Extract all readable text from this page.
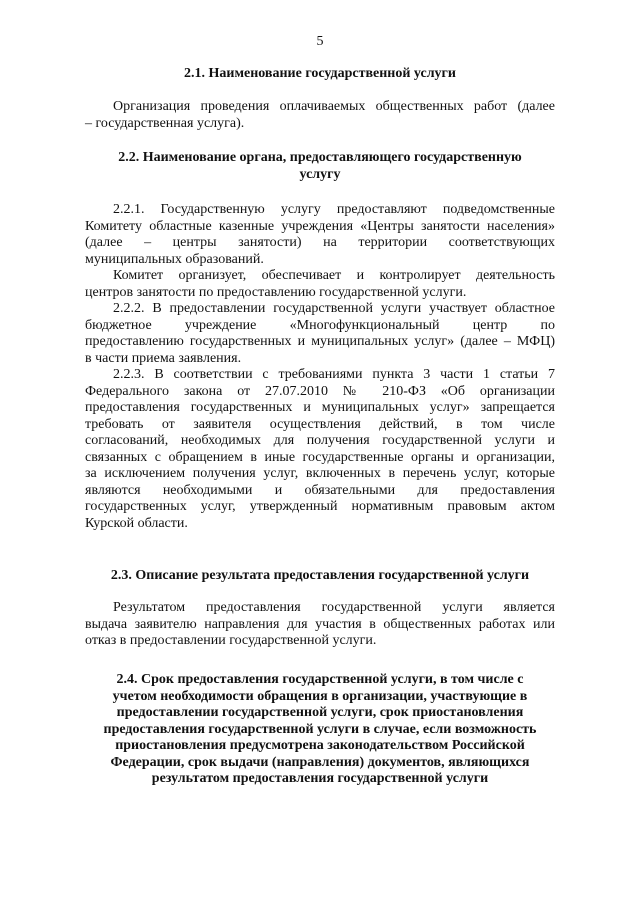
5
2.1. Наименование государственной услуги
Организация проведения оплачиваемых общественных работ (далее
– государственная услуга).
2.2. Наименование органа, предоставляющего государственную
услугу
2.2.1. Государственную услугу предоставляют подведомственные
Комитету областные казенные учреждения «Центры занятости населения»
(далее – центры занятости) на территории соответствующих
муниципальных образований.
Комитет организует, обеспечивает и контролирует деятельность
центров занятости по предоставлению государственной услуги.
2.2.2. В предоставлении государственной услуги участвует областное
бюджетное учреждение «Многофункциональный центр по
предоставлению государственных и муниципальных услуг» (далее – МФЦ)
в части приема заявления.
2.2.3. В соответствии с требованиями пункта 3 части 1 статьи 7
Федерального закона от 27.07.2010 № 210-ФЗ «Об организации
предоставления государственных и муниципальных услуг» запрещается
требовать от заявителя осуществления действий, в том числе
согласований, необходимых для получения государственной услуги и
связанных с обращением в иные государственные органы и организации,
за исключением получения услуг, включенных в перечень услуг, которые
являются необходимыми и обязательными для предоставления
государственных услуг, утвержденный нормативным правовым актом
Курской области.
2.3. Описание результата предоставления государственной услуги
Результатом предоставления государственной услуги является
выдача заявителю направления для участия в общественных работах или
отказ в предоставлении государственной услуги.
2.4. Срок предоставления государственной услуги, в том числе с
учетом необходимости обращения в организации, участвующие в
предоставлении государственной услуги, срок приостановления
предоставления государственной услуги в случае, если возможность
приостановления предусмотрена законодательством Российской
Федерации, срок выдачи (направления) документов, являющихся
результатом предоставления государственной услуги
